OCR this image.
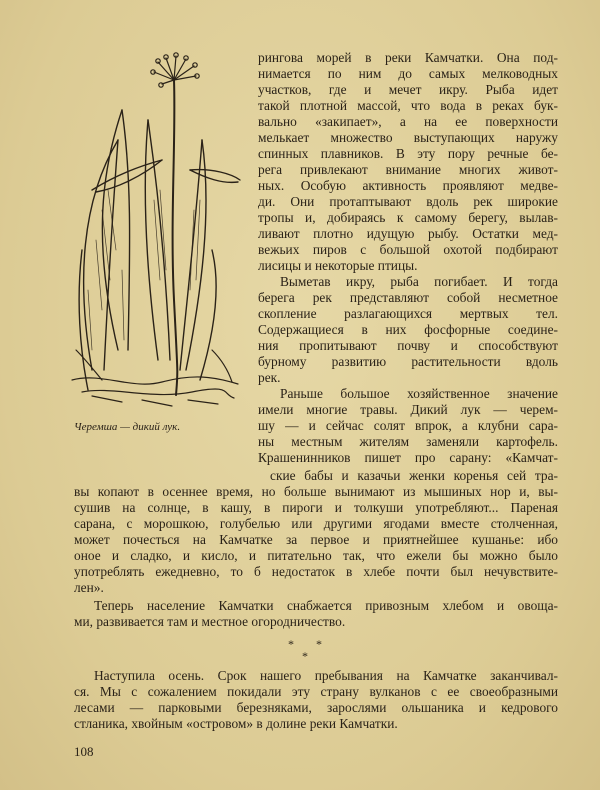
Черемша — дикий лук.
рингова морей в реки Камчатки. Она под-
нимается по ним до самых мелководных
участков, где и мечет икру. Рыба идет
такой плотной массой, что вода в реках бук-
вально «закипает», а на ее поверхности
мелькает множество выступающих наружу
спинных плавников. В эту пору речные бе-
рега привлекают внимание многих живот-
ных. Особую активность проявляют медве-
ди. Они протаптывают вдоль рек широкие
тропы и, добираясь к самому берегу, вылав-
ливают плотно идущую рыбу. Остатки мед-
вежьих пиров с большой охотой подбирают
лисицы и некоторые птицы.
Выметав икру, рыба погибает. И тогда
берега рек представляют собой несметное
скопление разлагающихся мертвых тел.
Содержащиеся в них фосфорные соедине-
ния пропитывают почву и способствуют
бурному развитию растительности вдоль
рек.
Раньше большое хозяйственное значение
имели многие травы. Дикий лук — черем-
шу — и сейчас солят впрок, а клубни сара-
ны местным жителям заменяли картофель.
Крашенинников пишет про сарану: «Камчат-
ские бабы и казачьи женки коренья сей тра-
вы копают в осеннее время, но больше вынимают из мышиных нор и, вы-
сушив на солнце, в кашу, в пироги и толкуши употребляют... Пареная
сарана, с морошкою, голубелью или другими ягодами вместе столченная,
может почесться на Камчатке за первое и приятнейшее кушанье: ибо
оное и сладко, и кисло, и питательно так, что ежели бы можно было
употреблять ежедневно, то б недостаток в хлебе почти был нечувствите-
лен».
Теперь население Камчатки снабжается привозным хлебом и овоща-
ми, развивается там и местное огородничество.
* *
*
Наступила осень. Срок нашего пребывания на Камчатке заканчивал-
ся. Мы с сожалением покидали эту страну вулканов с ее своеобразными
лесами — парковыми березняками, зарослями ольшаника и кедрового
стланика, хвойным «островом» в долине реки Камчатки.
108
